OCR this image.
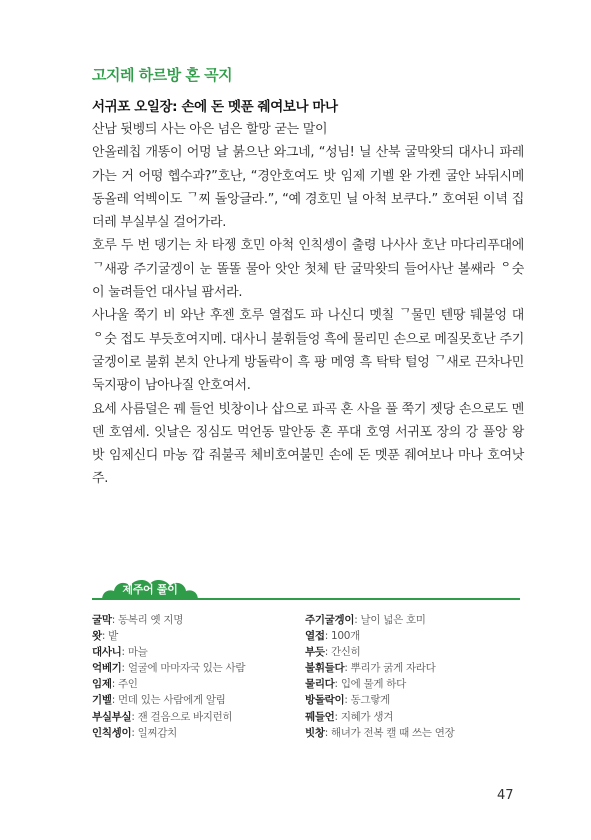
고지레 하르방 혼 곡지
서귀포 오일장: 손에 돈 멧푼 줴여보나 마나

산남 뒷벵듸 사는 아은 넘은 할망 굳는 말이

안올레칩 개똥이 어멍 날 붉으난 와그네, “성님! 닐 산북 굴막왓듸 대사니 파레 가는 거 어떵 헵수과?”호난, “경안호여도 밧 임제 기벨 완 가켄 굴안 놔뒤시메 동올레 억벡이도 ᄀ찌 돌앙글라.”, “예 경호민 닐 아척 보쿠다.” 호여된 이녁 집더레 부실부실 걸어가라.

호루 두 번 뎅기는 차 타젱 호민 아척 인칙셍이 출령 나사사 호난 마다리푸대에 ᄀ새광 주기굴겡이 눈 똘똘 물아 앗안 첫체 탄 굴막왓듸 들어사난 볼쌔라 ᄋ숫이 눌려들언 대사닐 팜서라.

사나울 쭉기 비 와난 후젠 호루 열접도 파 나신디 멧칠 ᄀ물민 텐땅 뒈불엉 대ᄋ숫 접도 부듯호여지메. 대사니 불휘들엉 흑에 물리민 손으로 메질못호난 주기굴겡이로 불휘 본치 안나게 방돌락이 흑 팡 메영 흑 탁탁 털엉 ᄀ새로 끈차나민 둑지팡이 남아나질 안호여서.

요세 사름덜은 꿰 들언 빗창이나 삽으로 파곡 혼 사을 풀 쭉기 젯당 손으로도 멘덴 호염세. 잇날은 징심도 먹언동 말안동 혼 푸대 호영 서귀포 장의 강 풀앙 왕 밧 임제신디 마농 깝 줘불곡 체비호여불민 손에 돈 멧푼 줴여보나 마나 호여낫주.

제주어 풀이
굴막: 동복리 옛 지명	주기굴겡이: 날이 넓은 호미
왓: 밭	열접: 100개
대사니: 마늘	부듯: 간신히
억베기: 얼굴에 마마자국 있는 사람	불휘들다: 뿌리가 굵게 자라다
임제: 주인	물리다: 입에 물게 하다
기벨: 먼데 있는 사람에게 알림	방돌락이: 동그랗게
부실부실: 잰 걸음으로 바지런히	꿰들언: 지혜가 생겨
인칙셍이: 일찌감치	빗창: 해녀가 전복 캘 때 쓰는 연장
47
